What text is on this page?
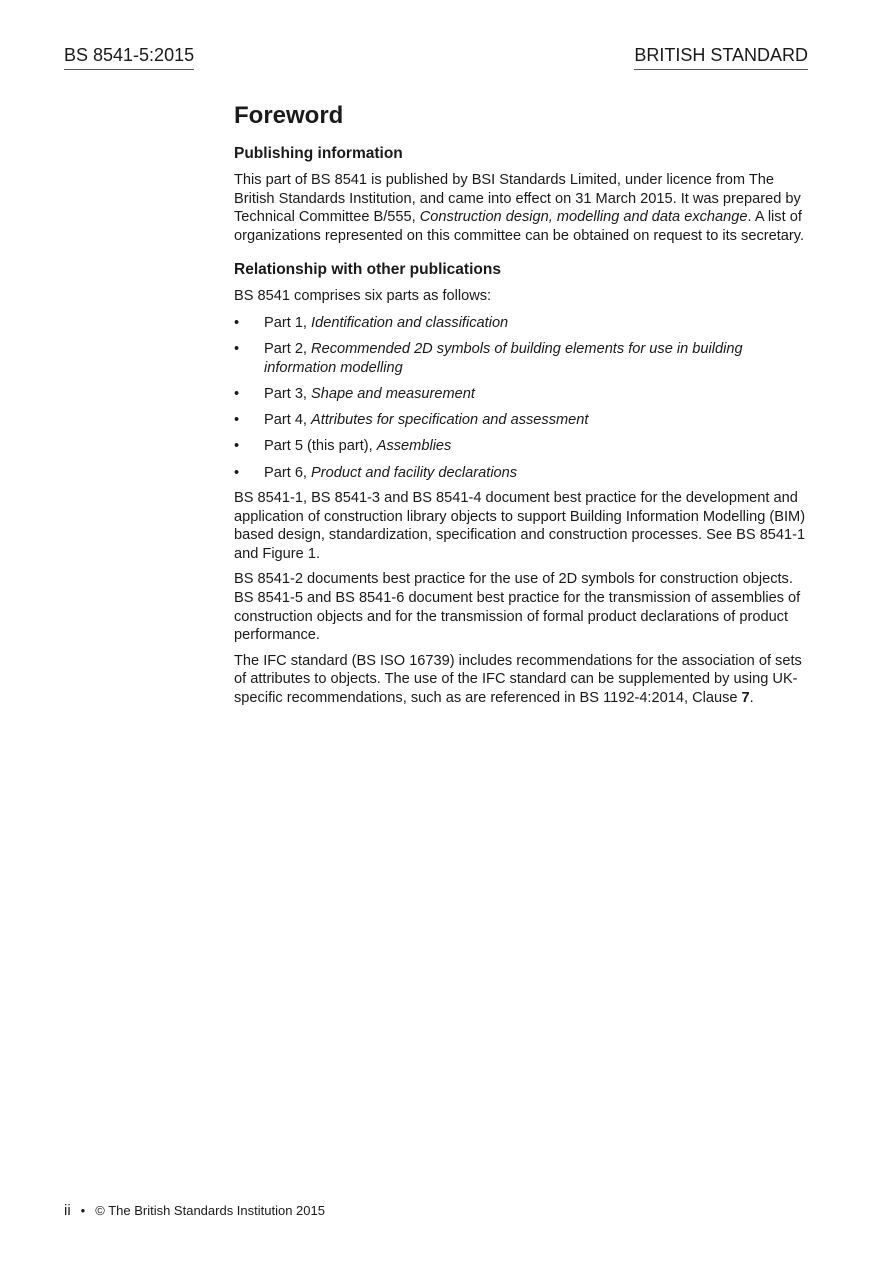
BS 8541-5:2015	BRITISH STANDARD
Foreword
Publishing information

This part of BS 8541 is published by BSI Standards Limited, under licence from The British Standards Institution, and came into effect on 31 March 2015. It was prepared by Technical Committee B/555, Construction design, modelling and data exchange. A list of organizations represented on this committee can be obtained on request to its secretary.

Relationship with other publications

BS 8541 comprises six parts as follows:

• Part 1, Identification and classification
• Part 2, Recommended 2D symbols of building elements for use in building information modelling
• Part 3, Shape and measurement
• Part 4, Attributes for specification and assessment
• Part 5 (this part), Assemblies
• Part 6, Product and facility declarations

BS 8541-1, BS 8541-3 and BS 8541-4 document best practice for the development and application of construction library objects to support Building Information Modelling (BIM) based design, standardization, specification and construction processes. See BS 8541-1 and Figure 1.

BS 8541-2 documents best practice for the use of 2D symbols for construction objects. BS 8541-5 and BS 8541-6 document best practice for the transmission of assemblies of construction objects and for the transmission of formal product declarations of product performance.

The IFC standard (BS ISO 16739) includes recommendations for the association of sets of attributes to objects. The use of the IFC standard can be supplemented by using UK-specific recommendations, such as are referenced in BS 1192-4:2014, Clause 7.

ii • © The British Standards Institution 2015
